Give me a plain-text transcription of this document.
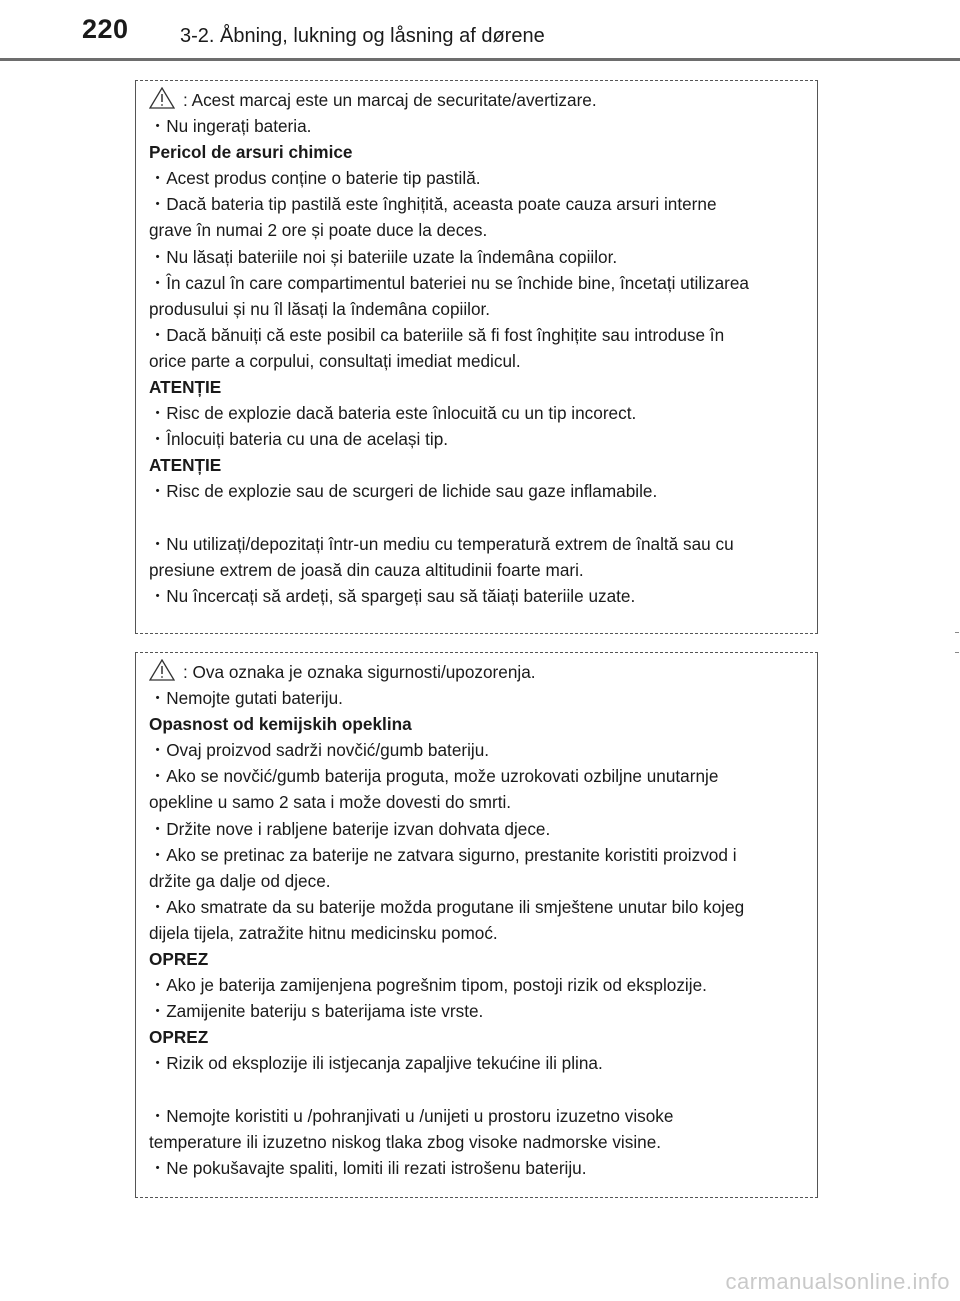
220	3-2. Åbning, lukning og låsning af dørene

: Acest marcaj este un marcaj de securitate/avertizare.

・Nu ingerați bateria.

Pericol de arsuri chimice

・Acest produs conține o baterie tip pastilă.

・Dacă bateria tip pastilă este înghițită, aceasta poate cauza arsuri interne

grave în numai 2 ore și poate duce la deces.

・Nu lăsați bateriile noi și bateriile uzate la îndemâna copiilor.

・În cazul în care compartimentul bateriei nu se închide bine, încetați utilizarea

produsului și nu îl lăsați la îndemâna copiilor.

・Dacă bănuiți că este posibil ca bateriile să fi fost înghițite sau introduse în

orice parte a corpului, consultați imediat medicul.

ATENȚIE

・Risc de explozie dacă bateria este înlocuită cu un tip incorect.

・Înlocuiți bateria cu una de același tip.

ATENȚIE

・Risc de explozie sau de scurgeri de lichide sau gaze inflamabile.

・Nu utilizați/depozitați într-un mediu cu temperatură extrem de înaltă sau cu

presiune extrem de joasă din cauza altitudinii foarte mari.

・Nu încercați să ardeți, să spargeți sau să tăiați bateriile uzate.

: Ova oznaka je oznaka sigurnosti/upozorenja.

・Nemojte gutati bateriju.

Opasnost od kemijskih opeklina

・Ovaj proizvod sadrži novčić/gumb bateriju.

・Ako se novčić/gumb baterija proguta, može uzrokovati ozbiljne unutarnje

opekline u samo 2 sata i može dovesti do smrti.

・Držite nove i rabljene baterije izvan dohvata djece.

・Ako se pretinac za baterije ne zatvara sigurno, prestanite koristiti proizvod i

držite ga dalje od djece.

・Ako smatrate da su baterije možda progutane ili smještene unutar bilo kojeg

dijela tijela, zatražite hitnu medicinsku pomoć.

OPREZ

・Ako je baterija zamijenjena pogrešnim tipom, postoji rizik od eksplozije.

・Zamijenite bateriju s baterijama iste vrste.

OPREZ

・Rizik od eksplozije ili istjecanja zapaljive tekućine ili plina.

・Nemojte koristiti u /pohranjivati u /unijeti u prostoru izuzetno visoke

temperature ili izuzetno niskog tlaka zbog visoke nadmorske visine.

・Ne pokušavajte spaliti, lomiti ili rezati istrošenu bateriju.

carmanualsonline.info
